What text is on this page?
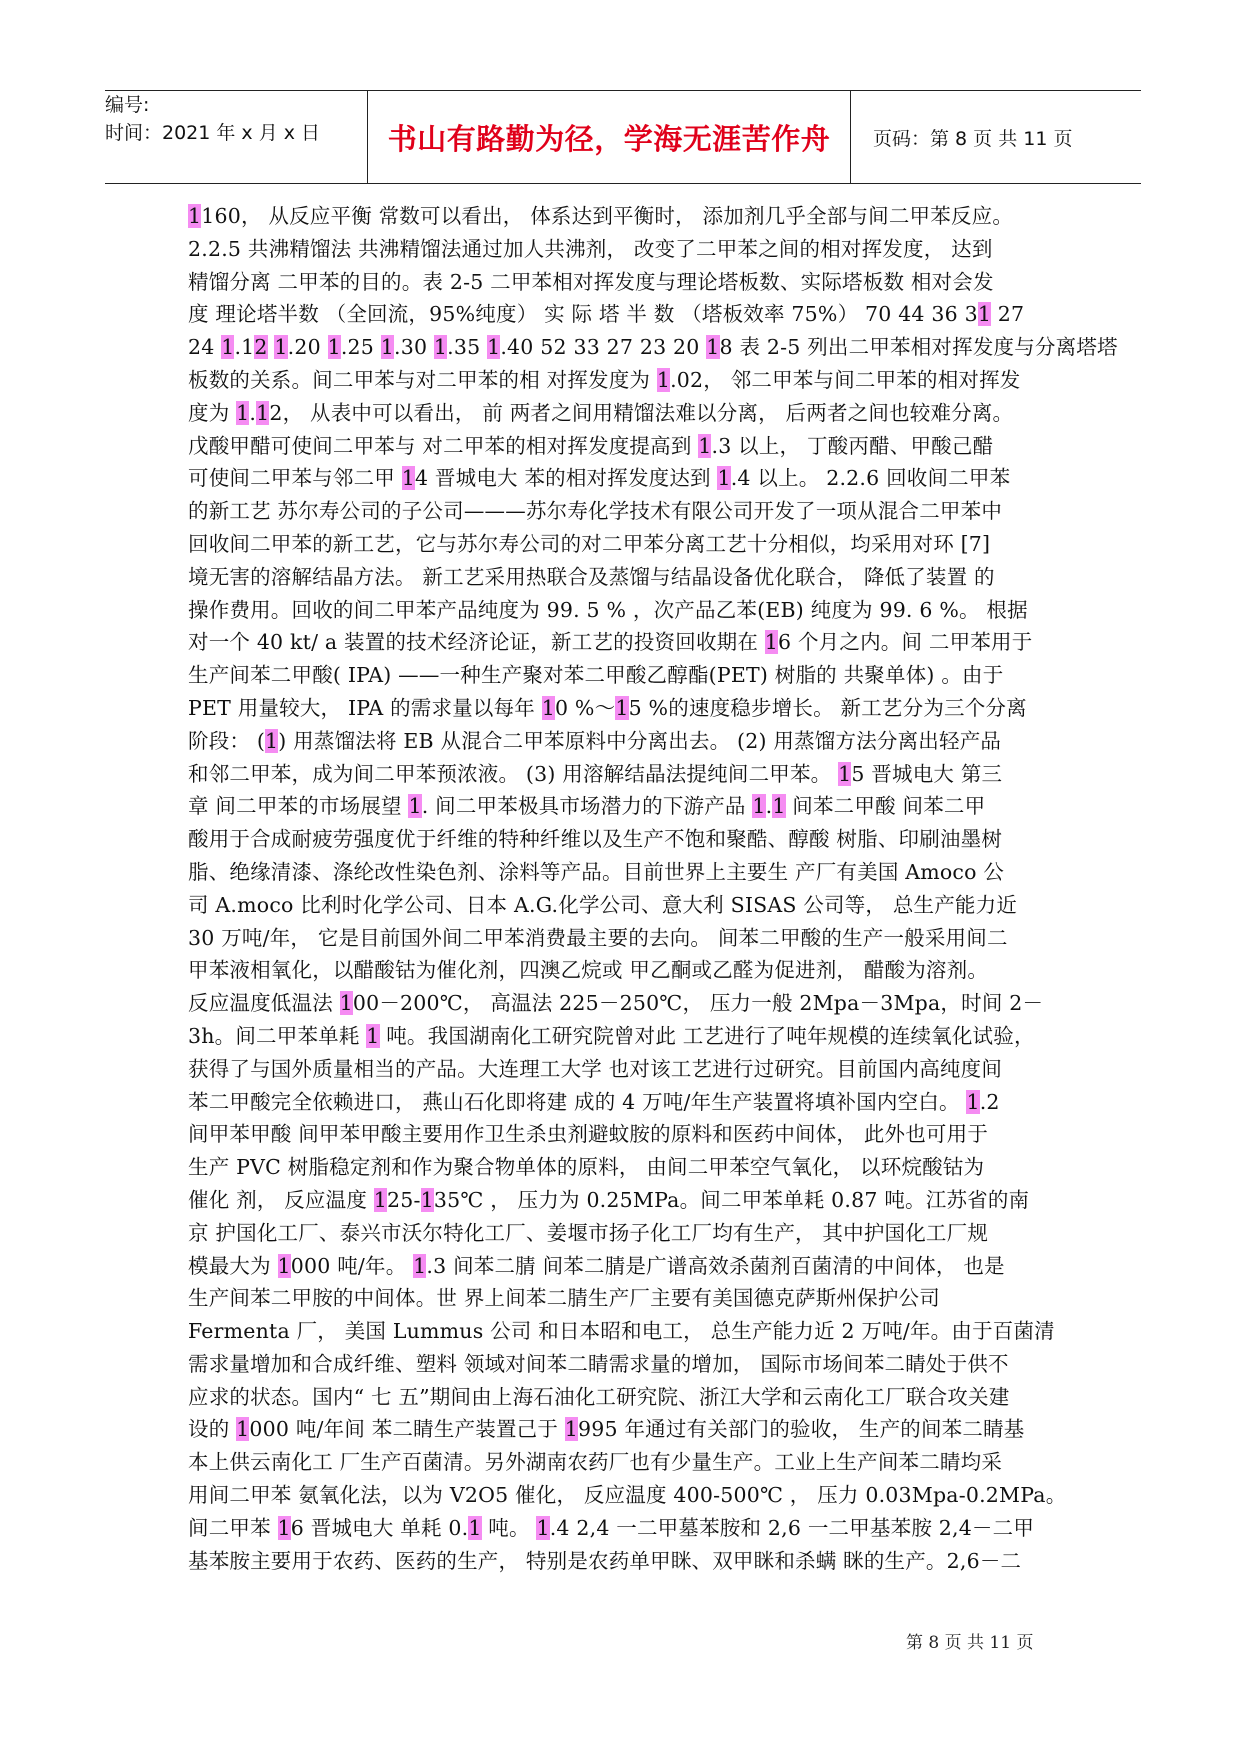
编号:
时间：2021 年 x 月 x 日	书山有路勤为径，学海无涯苦作舟 页码：第 8 页 共 11 页
1160， 从反应平衡 常数可以看出， 体系达到平衡时， 添加剂几乎全部与间二甲苯反应。
2.2.5 共沸精馏法 共沸精馏法通过加人共沸剂， 改变了二甲苯之间的相对挥发度， 达到
精馏分离 二甲苯的目的。表 2-5 二甲苯相对挥发度与理论塔板数、实际塔板数 相对会发
度 理论塔半数 （全回流，95%纯度） 实 际 塔 半 数 （塔板效率 75%） 70 44 36 31 27
24 1.12 1.20 1.25 1.30 1.35 1.40 52 33 27 23 20 18 表 2-5 列出二甲苯相对挥发度与分离塔塔
板数的关系。间二甲苯与对二甲苯的相 对挥发度为 1.02， 邻二甲苯与间二甲苯的相对挥发
度为 1.12， 从表中可以看出， 前 两者之间用精馏法难以分离， 后两者之间也较难分离。
戊酸甲醋可使间二甲苯与 对二甲苯的相对挥发度提高到 1.3 以上， 丁酸丙醋、甲酸己醋
可使间二甲苯与邻二甲 14 晋城电大 苯的相对挥发度达到 1.4 以上。 2.2.6 回收间二甲苯
的新工艺 苏尔寿公司的子公司———苏尔寿化学技术有限公司开发了一项从混合二甲苯中
回收间二甲苯的新工艺，它与苏尔寿公司的对二甲苯分离工艺十分相似，均采用对环 [7]
境无害的溶解结晶方法。 新工艺采用热联合及蒸馏与结晶设备优化联合， 降低了装置 的
操作费用。回收的间二甲苯产品纯度为 99. 5 % ，次产品乙苯(EB) 纯度为 99. 6 %。 根据
对一个 40 kt/ a 装置的技术经济论证，新工艺的投资回收期在 16 个月之内。间 二甲苯用于
生产间苯二甲酸( IPA) ——一种生产聚对苯二甲酸乙醇酯(PET) 树脂的 共聚单体) 。由于
PET 用量较大， IPA 的需求量以每年 10 %～15 %的速度稳步增长。 新工艺分为三个分离
阶段： (1) 用蒸馏法将 EB 从混合二甲苯原料中分离出去。 (2) 用蒸馏方法分离出轻产品
和邻二甲苯，成为间二甲苯预浓液。 (3) 用溶解结晶法提纯间二甲苯。 15 晋城电大 第三
章 间二甲苯的市场展望 1. 间二甲苯极具市场潜力的下游产品 1.1 间苯二甲酸 间苯二甲
酸用于合成耐疲劳强度优于纤维的特种纤维以及生产不饱和聚酷、醇酸 树脂、印刷油墨树
脂、绝缘清漆、涤纶改性染色剂、涂料等产品。目前世界上主要生 产厂有美国 Amoco 公
司 A.moco 比利时化学公司、日本 A.G.化学公司、意大利 SISAS 公司等， 总生产能力近
30 万吨/年， 它是目前国外间二甲苯消费最主要的去向。 间苯二甲酸的生产一般采用间二
甲苯液相氧化，以醋酸钴为催化剂，四澳乙烷或 甲乙酮或乙醛为促进剂， 醋酸为溶剂。
反应温度低温法 100－200℃， 高温法 225－250℃， 压力一般 2Mpa－3Mpa，时间 2－
3h。间二甲苯单耗 1 吨。我国湖南化工研究院曾对此 工艺进行了吨年规模的连续氧化试验，
获得了与国外质量相当的产品。大连理工大学 也对该工艺进行过研究。目前国内高纯度间
苯二甲酸完全依赖进口， 燕山石化即将建 成的 4 万吨/年生产装置将填补国内空白。 1.2
间甲苯甲酸 间甲苯甲酸主要用作卫生杀虫剂避蚊胺的原料和医药中间体， 此外也可用于
生产 PVC 树脂稳定剂和作为聚合物单体的原料， 由间二甲苯空气氧化， 以环烷酸钴为
催化 剂， 反应温度 125-135℃ ， 压力为 0.25MPa。间二甲苯单耗 0.87 吨。江苏省的南
京 护国化工厂、泰兴市沃尔特化工厂、姜堰市扬子化工厂均有生产， 其中护国化工厂规
模最大为 1000 吨/年。 1.3 间苯二腈 间苯二腈是广谱高效杀菌剂百菌清的中间体， 也是
生产间苯二甲胺的中间体。世 界上间苯二腈生产厂主要有美国德克萨斯州保护公司
Fermenta 厂， 美国 Lummus 公司 和日本昭和电工， 总生产能力近 2 万吨/年。由于百菌清
需求量增加和合成纤维、塑料 领域对间苯二睛需求量的增加， 国际市场间苯二睛处于供不
应求的状态。国内“ 七 五”期间由上海石油化工研究院、浙江大学和云南化工厂联合攻关建
设的 1000 吨/年间 苯二睛生产装置己于 1995 年通过有关部门的验收， 生产的间苯二睛基
本上供云南化工 厂生产百菌清。另外湖南农药厂也有少量生产。工业上生产间苯二睛均采
用间二甲苯 氨氧化法，以为 V2O5 催化， 反应温度 400-500℃ ， 压力 0.03Mpa-0.2MPa。
间二甲苯 16 晋城电大 单耗 0.1 吨。 1.4 2,4 一二甲墓苯胺和 2,6 一二甲基苯胺 2,4－二甲
基苯胺主要用于农药、医药的生产， 特别是农药单甲眯、双甲眯和杀螨 眯的生产。2,6－二
第 8 页 共 11 页
